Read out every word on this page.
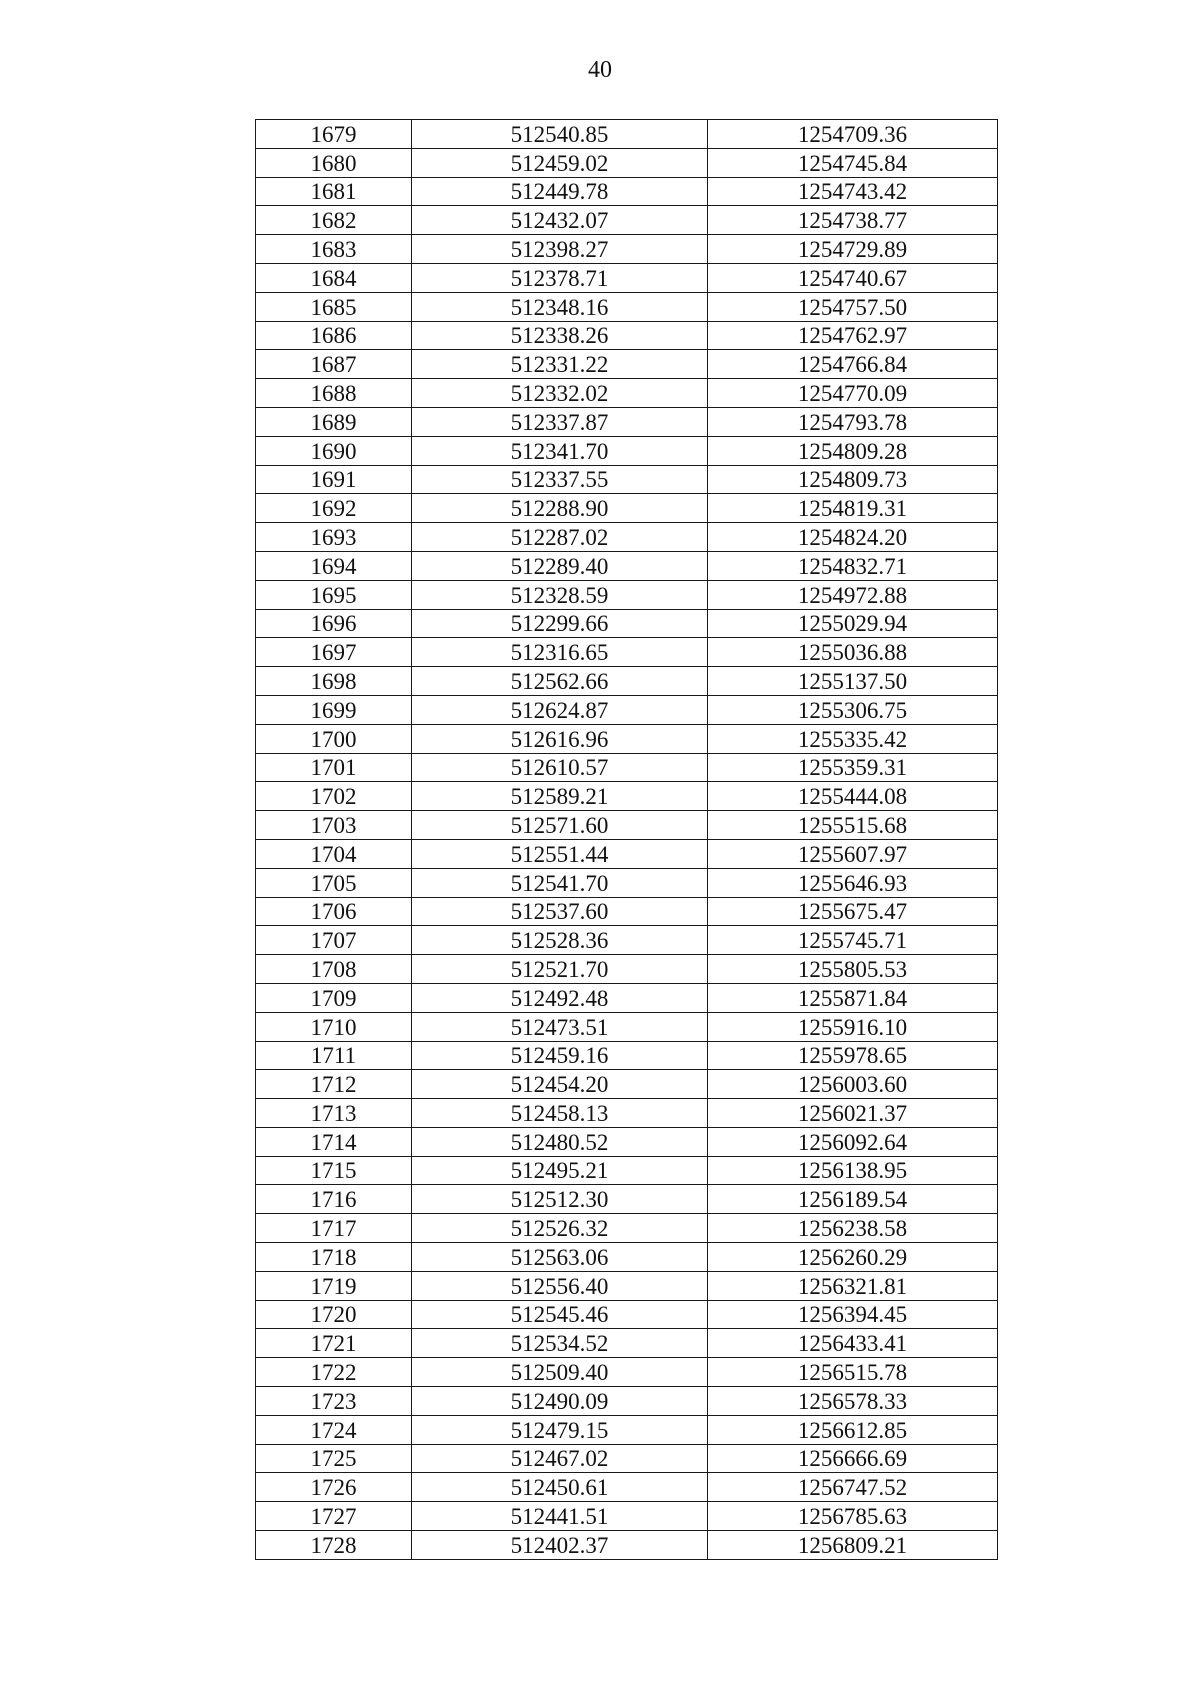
40
1679	512540.85	1254709.36
1680	512459.02	1254745.84
1681	512449.78	1254743.42
1682	512432.07	1254738.77
1683	512398.27	1254729.89
1684	512378.71	1254740.67
1685	512348.16	1254757.50
1686	512338.26	1254762.97
1687	512331.22	1254766.84
1688	512332.02	1254770.09
1689	512337.87	1254793.78
1690	512341.70	1254809.28
1691	512337.55	1254809.73
1692	512288.90	1254819.31
1693	512287.02	1254824.20
1694	512289.40	1254832.71
1695	512328.59	1254972.88
1696	512299.66	1255029.94
1697	512316.65	1255036.88
1698	512562.66	1255137.50
1699	512624.87	1255306.75
1700	512616.96	1255335.42
1701	512610.57	1255359.31
1702	512589.21	1255444.08
1703	512571.60	1255515.68
1704	512551.44	1255607.97
1705	512541.70	1255646.93
1706	512537.60	1255675.47
1707	512528.36	1255745.71
1708	512521.70	1255805.53
1709	512492.48	1255871.84
1710	512473.51	1255916.10
1711	512459.16	1255978.65
1712	512454.20	1256003.60
1713	512458.13	1256021.37
1714	512480.52	1256092.64
1715	512495.21	1256138.95
1716	512512.30	1256189.54
1717	512526.32	1256238.58
1718	512563.06	1256260.29
1719	512556.40	1256321.81
1720	512545.46	1256394.45
1721	512534.52	1256433.41
1722	512509.40	1256515.78
1723	512490.09	1256578.33
1724	512479.15	1256612.85
1725	512467.02	1256666.69
1726	512450.61	1256747.52
1727	512441.51	1256785.63
1728	512402.37	1256809.21
